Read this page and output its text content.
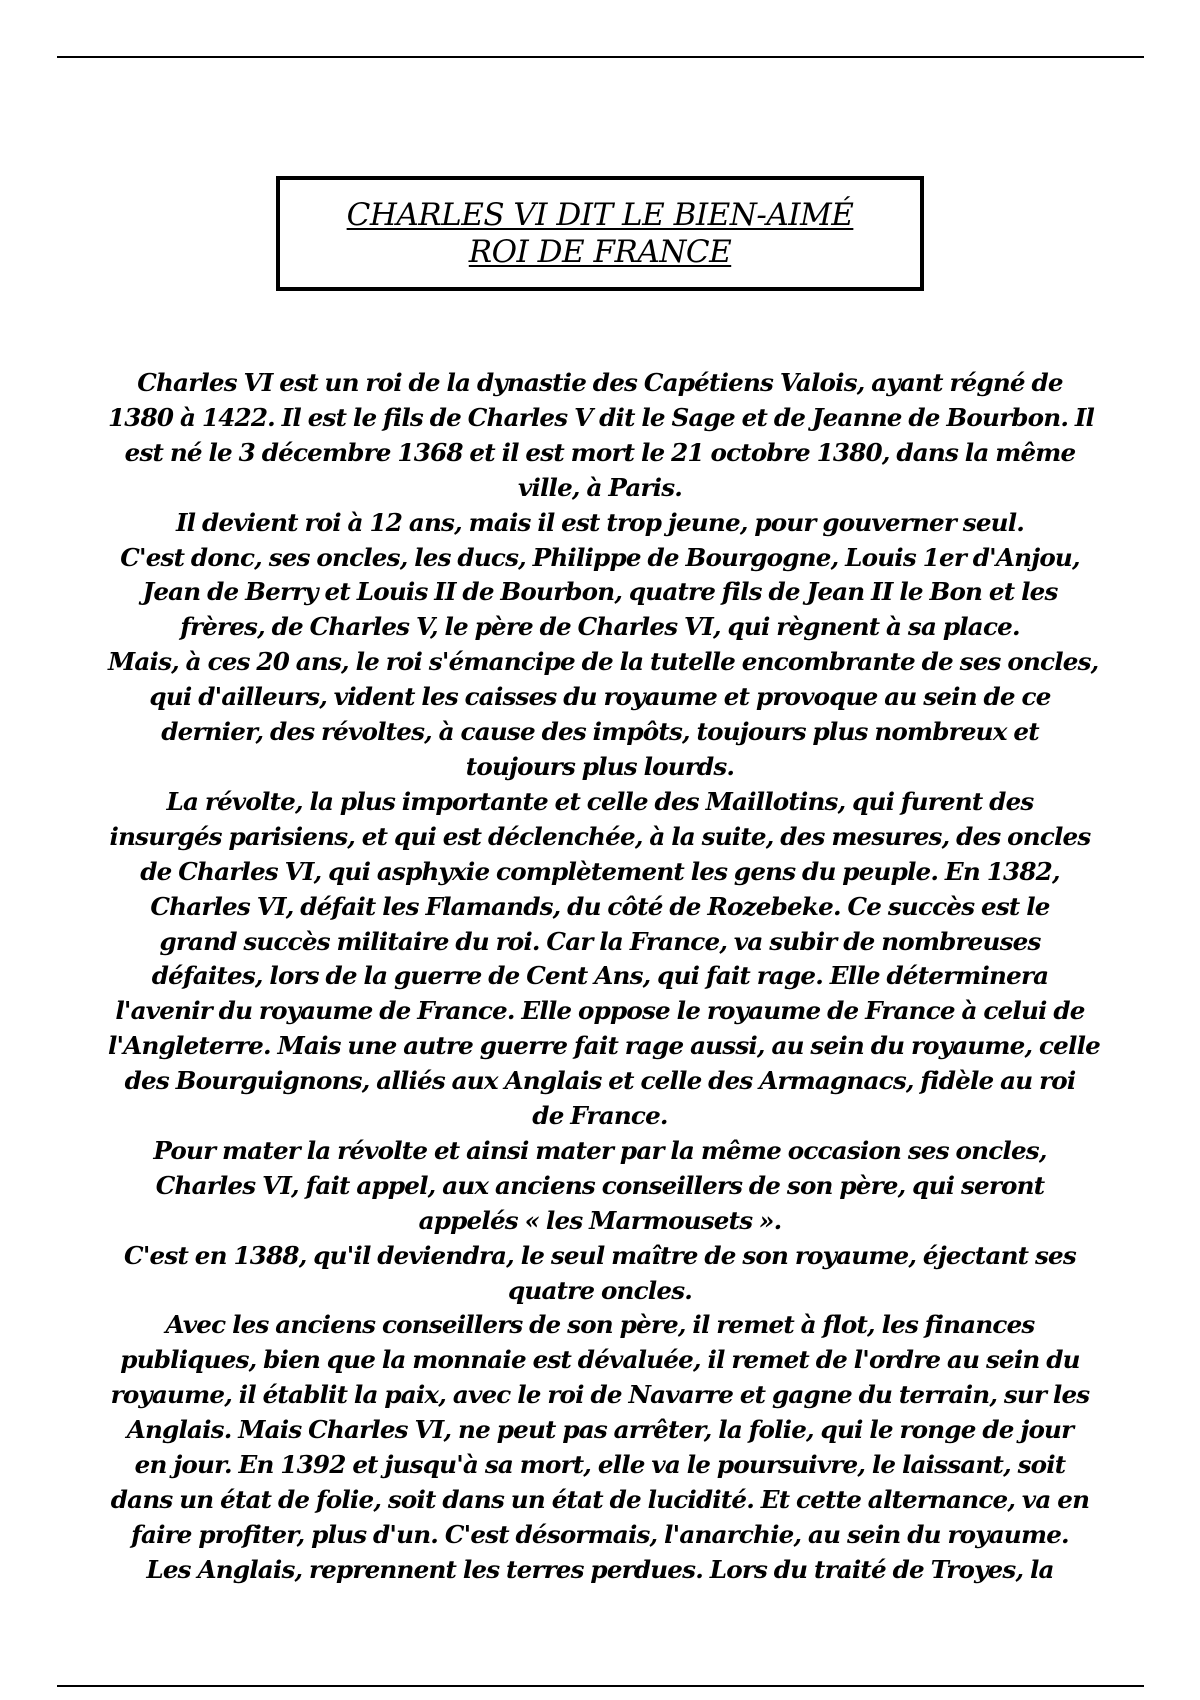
CHARLES VI DIT LE BIEN-AIMÉ
ROI DE FRANCE
Charles VI est un roi de la dynastie des Capétiens Valois, ayant régné de
1380 à 1422. Il est le fils de Charles V dit le Sage et de Jeanne de Bourbon. Il
est né le 3 décembre 1368 et il est mort le 21 octobre 1380, dans la même
ville, à Paris.
Il devient roi à 12 ans, mais il est trop jeune, pour gouverner seul.
C'est donc, ses oncles, les ducs, Philippe de Bourgogne, Louis 1er d'Anjou,
Jean de Berry et Louis II de Bourbon, quatre fils de Jean II le Bon et les
frères, de Charles V, le père de Charles VI, qui règnent à sa place.
Mais, à ces 20 ans, le roi s'émancipe de la tutelle encombrante de ses oncles,
qui d'ailleurs, vident les caisses du royaume et provoque au sein de ce
dernier, des révoltes, à cause des impôts, toujours plus nombreux et
toujours plus lourds.
La révolte, la plus importante et celle des Maillotins, qui furent des
insurgés parisiens, et qui est déclenchée, à la suite, des mesures, des oncles
de Charles VI, qui asphyxie complètement les gens du peuple. En 1382,
Charles VI, défait les Flamands, du côté de Rozebeke. Ce succès est le
grand succès militaire du roi. Car la France, va subir de nombreuses
défaites, lors de la guerre de Cent Ans, qui fait rage. Elle déterminera
l'avenir du royaume de France. Elle oppose le royaume de France à celui de
l'Angleterre. Mais une autre guerre fait rage aussi, au sein du royaume, celle
des Bourguignons, alliés aux Anglais et celle des Armagnacs, fidèle au roi
de France.
Pour mater la révolte et ainsi mater par la même occasion ses oncles,
Charles VI, fait appel, aux anciens conseillers de son père, qui seront
appelés « les Marmousets ».
C'est en 1388, qu'il deviendra, le seul maître de son royaume, éjectant ses
quatre oncles.
Avec les anciens conseillers de son père, il remet à flot, les finances
publiques, bien que la monnaie est dévaluée, il remet de l'ordre au sein du
royaume, il établit la paix, avec le roi de Navarre et gagne du terrain, sur les
Anglais. Mais Charles VI, ne peut pas arrêter, la folie, qui le ronge de jour
en jour. En 1392 et jusqu'à sa mort, elle va le poursuivre, le laissant, soit
dans un état de folie, soit dans un état de lucidité. Et cette alternance, va en
faire profiter, plus d'un. C'est désormais, l'anarchie, au sein du royaume.
Les Anglais, reprennent les terres perdues. Lors du traité de Troyes, la
